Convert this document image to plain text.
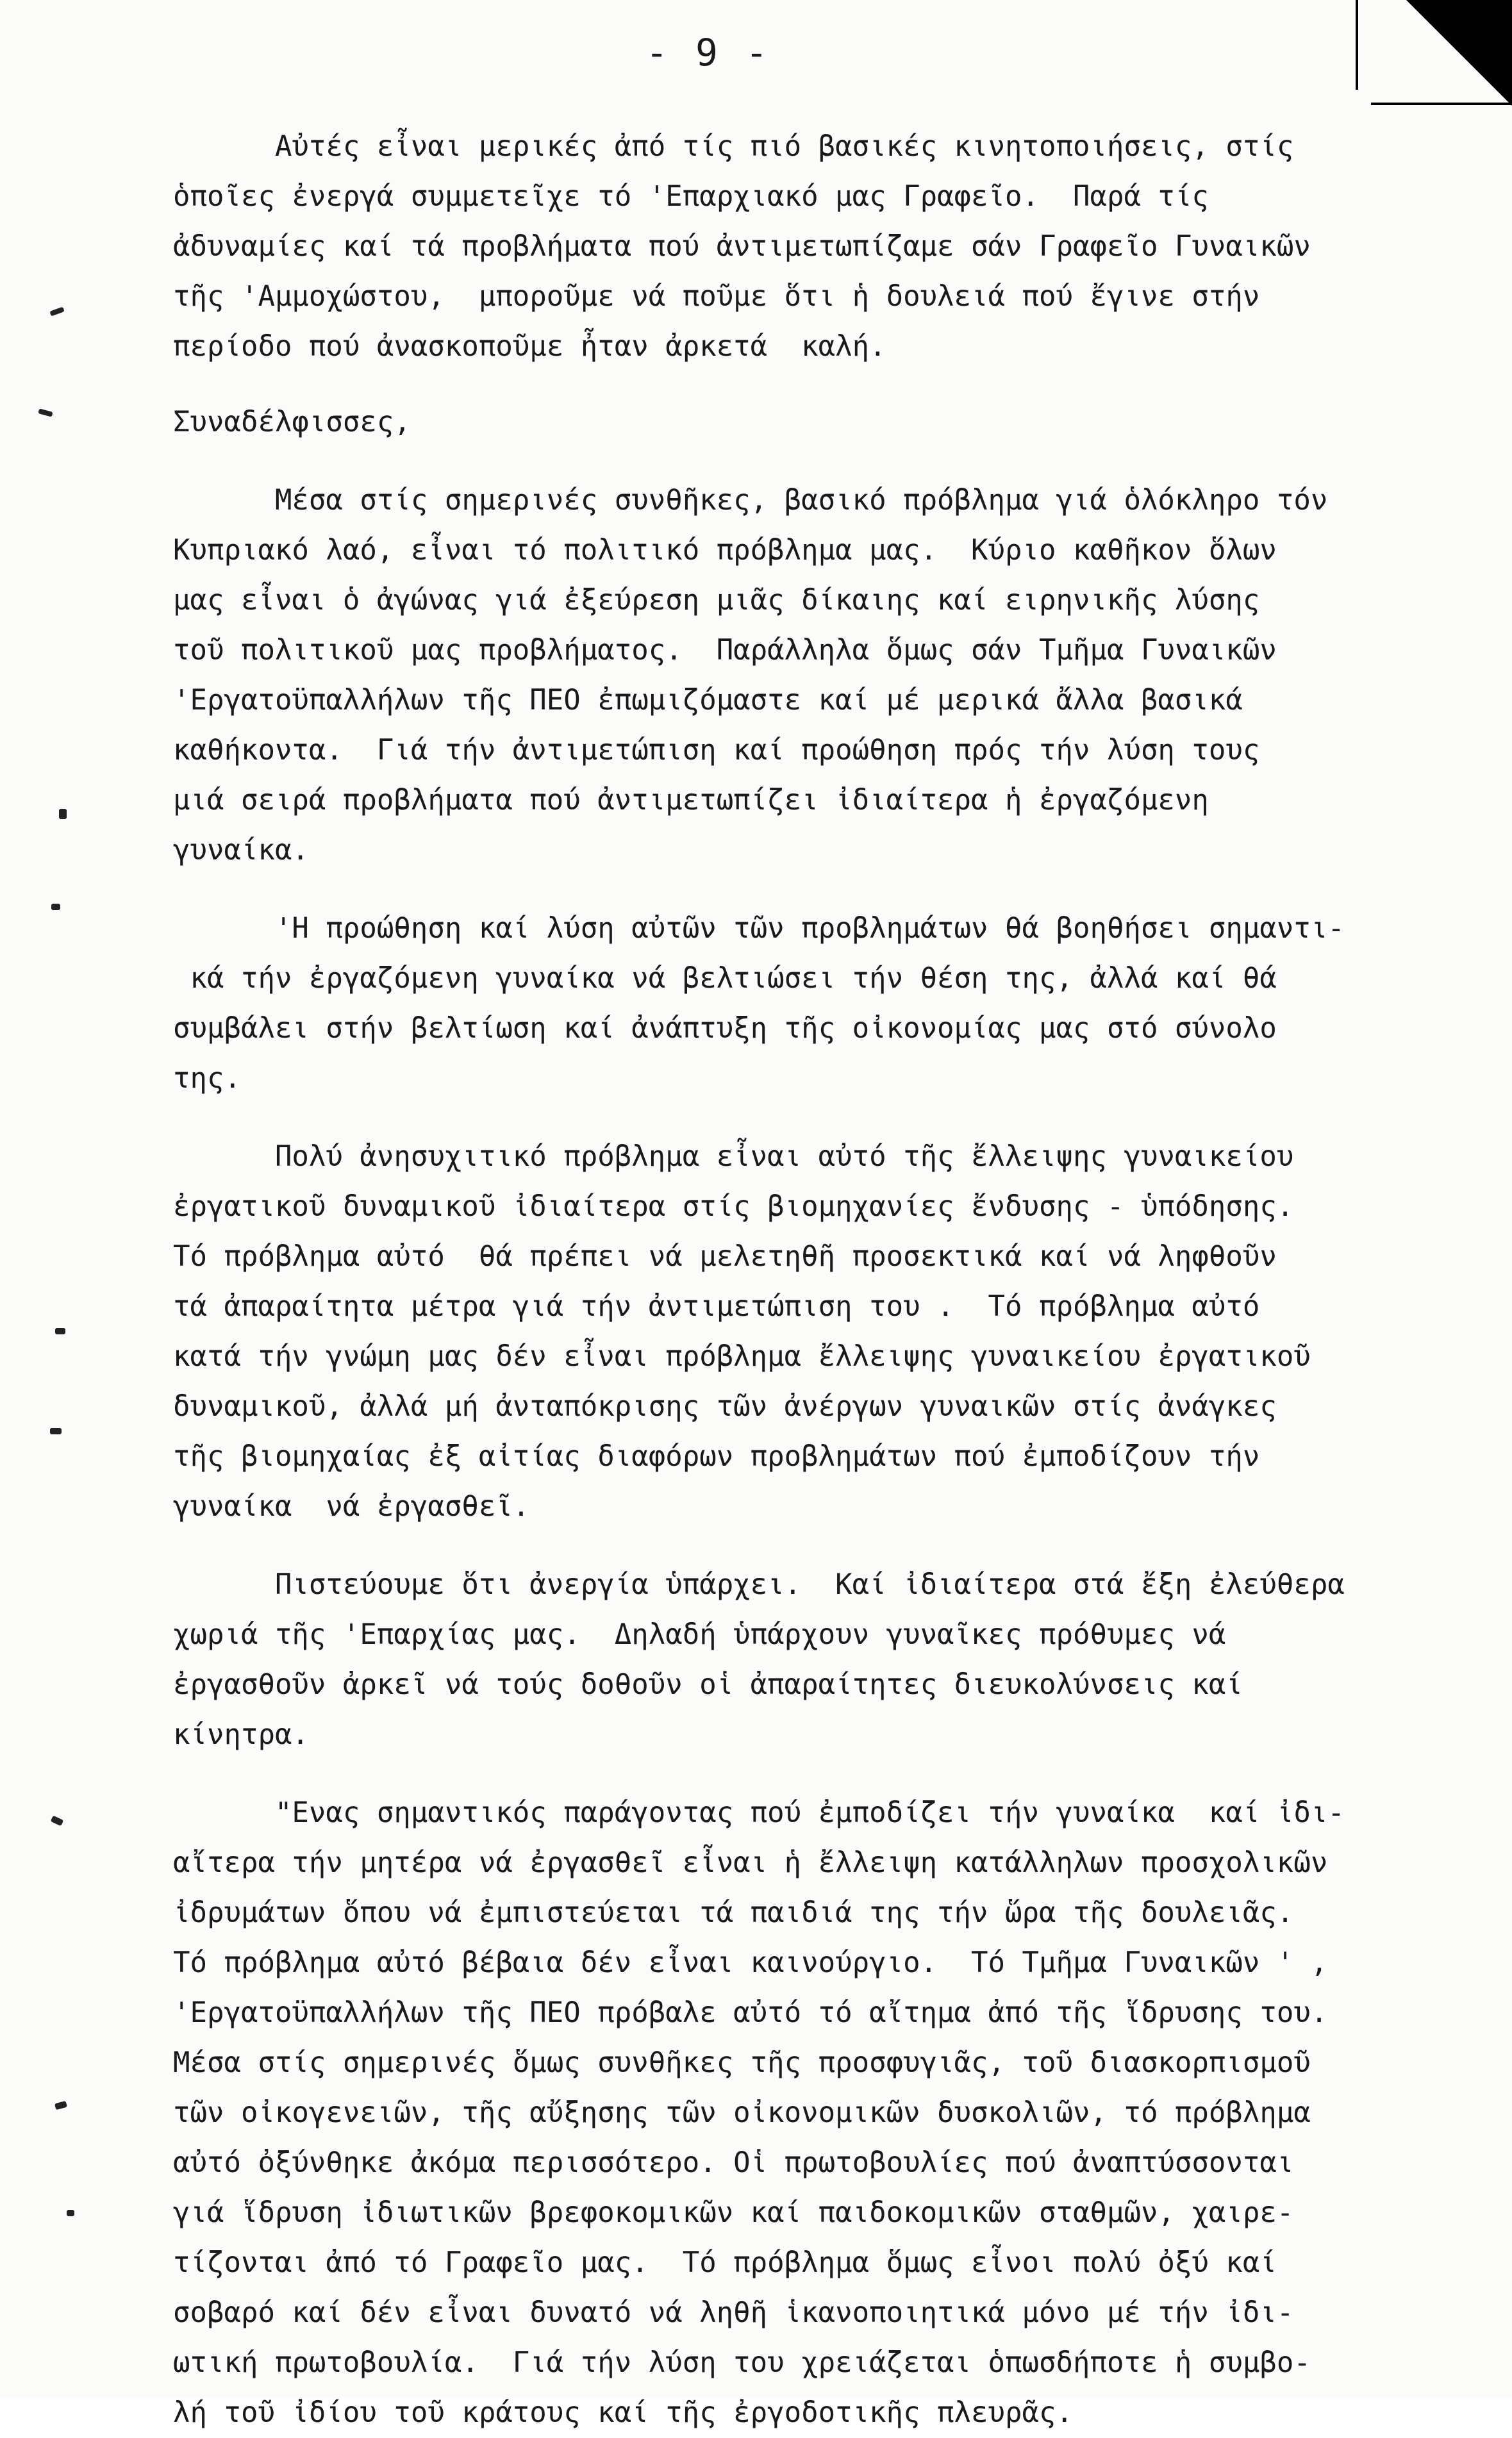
- 9 -
Αὐτές εἶναι μερικές ἀπό τίς πιό βασικές κινητοποιήσεις, στίς
ὁποῖες ἐνεργά συμμετεῖχε τό 'Επαρχιακό μας Γραφεῖο.  Παρά τίς
ἀδυναμίες καί τά προβλήματα πού ἀντιμετωπίζαμε σάν Γραφεῖο Γυναικῶν
τῆς 'Αμμοχώστου,  μποροῦμε νά ποῦμε ὅτι ἡ δουλειά πού ἔγινε στήν
περίοδο πού ἀνασκοποῦμε ἦταν ἀρκετά  καλή.
Συναδέλφισσες,
Μέσα στίς σημερινές συνθῆκες, βασικό πρόβλημα γιά ὁλόκληρο τόν
Κυπριακό λαό, εἶναι τό πολιτικό πρόβλημα μας.  Κύριο καθῆκον ὅλων
μας εἶναι ὁ ἀγώνας γιά ἐξεύρεση μιᾶς δίκαιης καί ειρηνικῆς λύσης
τοῦ πολιτικοῦ μας προβλήματος.  Παράλληλα ὅμως σάν Τμῆμα Γυναικῶν
'Εργατοϋπαλλήλων τῆς ΠΕΟ ἐπωμιζόμαστε καί μέ μερικά ἄλλα βασικά
καθήκοντα.  Γιά τήν ἀντιμετώπιση καί προώθηση πρός τήν λύση τους
μιά σειρά προβλήματα πού ἀντιμετωπίζει ἰδιαίτερα ἡ ἐργαζόμενη
γυναίκα.
'Η προώθηση καί λύση αὐτῶν τῶν προβλημάτων θά βοηθήσει σημαντι-
κά τήν ἐργαζόμενη γυναίκα νά βελτιώσει τήν θέση της, ἀλλά καί θά
συμβάλει στήν βελτίωση καί ἀνάπτυξη τῆς οἰκονομίας μας στό σύνολο
της.
Πολύ ἀνησυχιτικό πρόβλημα εἶναι αὐτό τῆς ἔλλειψης γυναικείου
ἐργατικοῦ δυναμικοῦ ἰδιαίτερα στίς βιομηχανίες ἔνδυσης - ὑπόδησης.
Τό πρόβλημα αὐτό  θά πρέπει νά μελετηθῆ προσεκτικά καί νά ληφθοῦν
τά ἀπαραίτητα μέτρα γιά τήν ἀντιμετώπιση του .  Τό πρόβλημα αὐτό
κατά τήν γνώμη μας δέν εἶναι πρόβλημα ἔλλειψης γυναικείου ἐργατικοῦ
δυναμικοῦ, ἀλλά μή ἀνταπόκρισης τῶν ἀνέργων γυναικῶν στίς ἀνάγκες
τῆς βιομηχαίας ἐξ αἰτίας διαφόρων προβλημάτων πού ἐμποδίζουν τήν
γυναίκα  νά ἐργασθεῖ.
Πιστεύουμε ὅτι ἀνεργία ὑπάρχει.  Καί ἰδιαίτερα στά ἔξη ἐλεύθερα
χωριά τῆς 'Επαρχίας μας.  Δηλαδή ὑπάρχουν γυναῖκες πρόθυμες νά
ἐργασθοῦν ἀρκεῖ νά τούς δοθοῦν οἱ ἀπαραίτητες διευκολύνσεις καί
κίνητρα.
"Ενας σημαντικός παράγοντας πού ἐμποδίζει τήν γυναίκα  καί ἰδι-
αἴτερα τήν μητέρα νά ἐργασθεῖ εἶναι ἡ ἔλλειψη κατάλληλων προσχολικῶν
ἰδρυμάτων ὅπου νά ἐμπιστεύεται τά παιδιά της τήν ὥρα τῆς δουλειᾶς.
Τό πρόβλημα αὐτό βέβαια δέν εἶναι καινούργιο.  Τό Τμῆμα Γυναικῶν ' ,
'Εργατοϋπαλλήλων τῆς ΠΕΟ πρόβαλε αὐτό τό αἴτημα ἀπό τῆς ἵδρυσης του.
Μέσα στίς σημερινές ὅμως συνθῆκες τῆς προσφυγιᾶς, τοῦ διασκορπισμοῦ
τῶν οἰκογενειῶν, τῆς αὔξησης τῶν οἰκονομικῶν δυσκολιῶν, τό πρόβλημα
αὐτό ὀξύνθηκε ἀκόμα περισσότερο. Οἱ πρωτοβουλίες πού ἀναπτύσσονται
γιά ἵδρυση ἰδιωτικῶν βρεφοκομικῶν καί παιδοκομικῶν σταθμῶν, χαιρε-
τίζονται ἀπό τό Γραφεῖο μας.  Τό πρόβλημα ὅμως εἶνοι πολύ ὀξύ καί
σοβαρό καί δέν εἶναι δυνατό νά ληθῆ ἱκανοποιητικά μόνο μέ τήν ἰδι-
ωτική πρωτοβουλία.  Γιά τήν λύση του χρειάζεται ὁπωσδήποτε ἡ συμβο-
λή τοῦ ἰδίου τοῦ κράτους καί τῆς ἐργοδοτικῆς πλευρᾶς.
